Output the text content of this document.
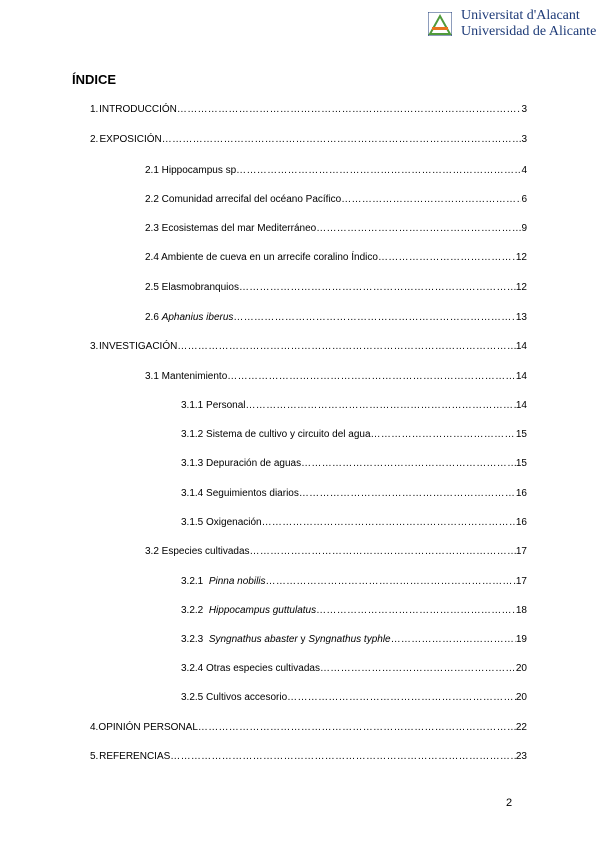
Universitat d'Alacant
Universidad de Alicante
ÍNDICE
1. INTRODUCCIÓN ………………………………………………………………………………………………………………………………………………………………………………	3
2. EXPOSICIÓN ………………………………………………………………………………………………………………………………………………………………………………	3
2.1 Hippocampus sp ………………………………………………………………………………………………………………………………………………………………………………	4
2.2 Comunidad arrecifal del océano Pacífico ………………………………………………………………………………………………………………………………………………………………………………	6
2.3 Ecosistemas del mar Mediterráneo ………………………………………………………………………………………………………………………………………………………………………………	9
2.4 Ambiente de cueva en un arrecife coralino Índico ………………………………………………………………………………………………………………………………………………………………………………	12
2.5 Elasmobranquios ………………………………………………………………………………………………………………………………………………………………………………	12
2.6 Aphanius iberus ………………………………………………………………………………………………………………………………………………………………………………	13
3. INVESTIGACIÓN ………………………………………………………………………………………………………………………………………………………………………………	14
3.1 Mantenimiento ………………………………………………………………………………………………………………………………………………………………………………	14
3.1.1 Personal ………………………………………………………………………………………………………………………………………………………………………………	14
3.1.2 Sistema de cultivo y circuito del agua ………………………………………………………………………………………………………………………………………………………………………………	15
3.1.3 Depuración de aguas ………………………………………………………………………………………………………………………………………………………………………………	15
3.1.4 Seguimientos diarios ………………………………………………………………………………………………………………………………………………………………………………	16
3.1.5 Oxigenación ………………………………………………………………………………………………………………………………………………………………………………	16
3.2 Especies cultivadas ………………………………………………………………………………………………………………………………………………………………………………	17
3.2.1  Pinna nobilis ………………………………………………………………………………………………………………………………………………………………………………	17
3.2.2  Hippocampus guttulatus ………………………………………………………………………………………………………………………………………………………………………………	18
3.2.3  Syngnathus abaster y Syngnathus typhle ………………………………………………………………………………………………………………………………………………………………………………	19
3.2.4 Otras especies cultivadas ………………………………………………………………………………………………………………………………………………………………………………	20
3.2.5 Cultivos accesorio ………………………………………………………………………………………………………………………………………………………………………………	20
4. OPINIÓN PERSONAL ………………………………………………………………………………………………………………………………………………………………………………	22
5. REFERENCIAS ………………………………………………………………………………………………………………………………………………………………………………	23
2
